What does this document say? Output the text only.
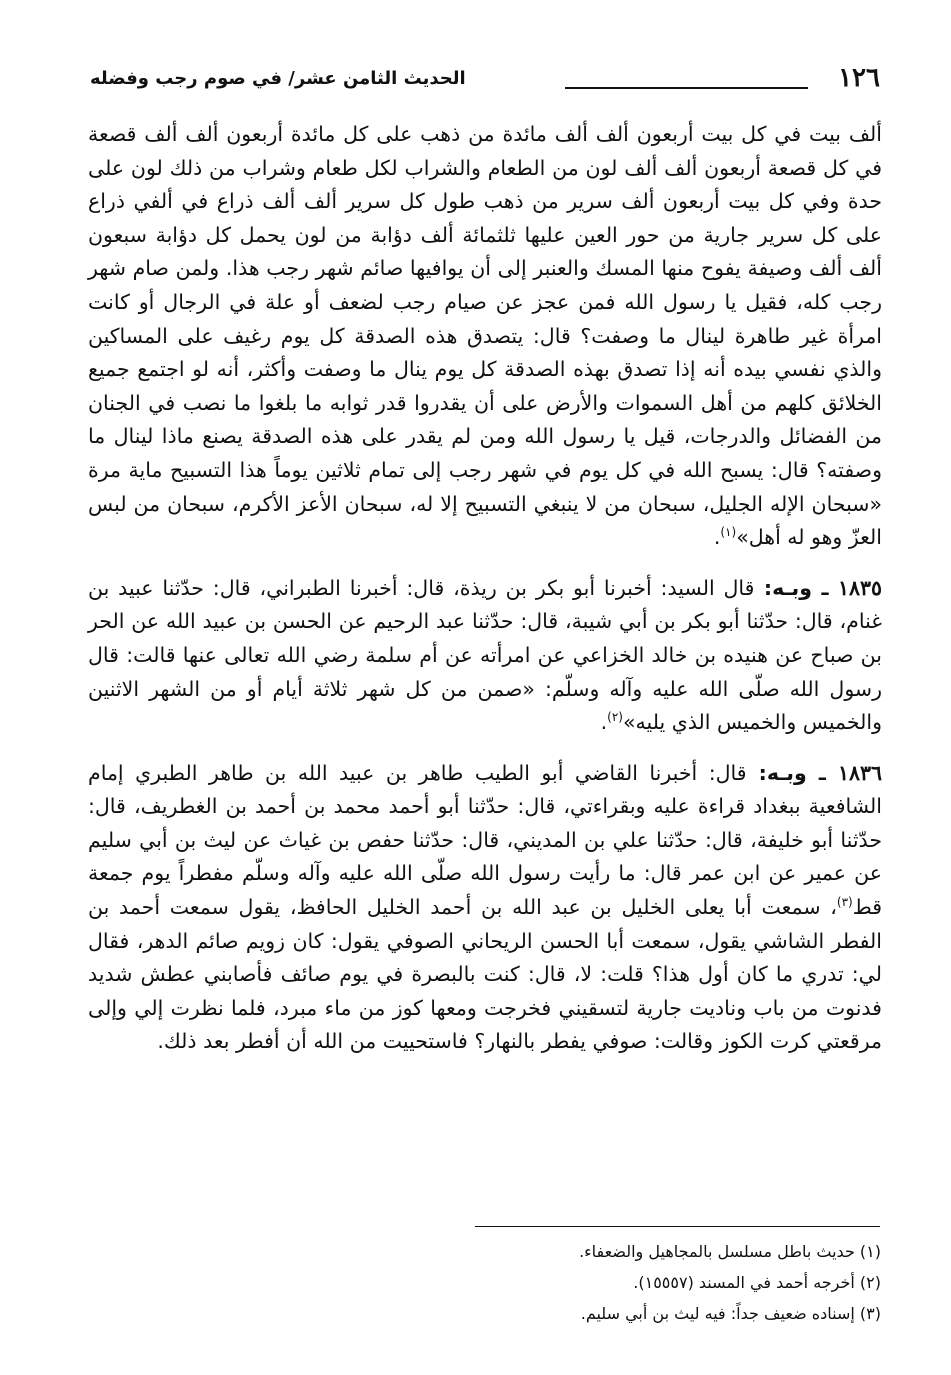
١٢٦
الحديث الثامن عشر/ في صوم رجب وفضله

ألف بيت في كل بيت أربعون ألف ألف مائدة من ذهب على كل مائدة أربعون ألف ألف قصعة في كل قصعة أربعون ألف ألف لون من الطعام والشراب لكل طعام وشراب من ذلك لون على حدة وفي كل بيت أربعون ألف سرير من ذهب طول كل سرير ألف ألف ذراع في ألفي ذراع على كل سرير جارية من حور العين عليها ثلثمائة ألف دؤابة من لون يحمل كل دؤابة سبعون ألف ألف وصيفة يفوح منها المسك والعنبر إلى أن يوافيها صائم شهر رجب هذا. ولمن صام شهر رجب كله، فقيل يا رسول الله فمن عجز عن صيام رجب لضعف أو علة في الرجال أو كانت امرأة غير طاهرة لينال ما وصفت؟ قال: يتصدق هذه الصدقة كل يوم رغيف على المساكين والذي نفسي بيده أنه إذا تصدق بهذه الصدقة كل يوم ينال ما وصفت وأكثر، أنه لو اجتمع جميع الخلائق كلهم من أهل السموات والأرض على أن يقدروا قدر ثوابه ما بلغوا ما نصب في الجنان من الفضائل والدرجات، قيل يا رسول الله ومن لم يقدر على هذه الصدقة يصنع ماذا لينال ما وصفته؟ قال: يسبح الله في كل يوم في شهر رجب إلى تمام ثلاثين يوماً هذا التسبيح ماية مرة «سبحان الإله الجليل، سبحان من لا ينبغي التسبيح إلا له، سبحان الأعز الأكرم، سبحان من لبس العزّ وهو له أهل»$^{(١)}$.

١٨٣٥ ـ وبـه: قال السيد: أخبرنا أبو بكر بن ريذة، قال: أخبرنا الطبراني، قال: حدّثنا عبيد بن غنام، قال: حدّثنا أبو بكر بن أبي شيبة، قال: حدّثنا عبد الرحيم عن الحسن بن عبيد الله عن الحر بن صباح عن هنيده بن خالد الخزاعي عن امرأته عن أم سلمة رضي الله تعالى عنها قالت: قال رسول الله صلّى الله عليه وآله وسلّم: «صمن من كل شهر ثلاثة أيام أو من الشهر الاثنين والخميس والخميس الذي يليه»$^{(٢)}$.

١٨٣٦ ـ وبـه: قال: أخبرنا القاضي أبو الطيب طاهر بن عبيد الله بن طاهر الطبري إمام الشافعية ببغداد قراءة عليه وبقراءتي، قال: حدّثنا أبو أحمد محمد بن أحمد بن الغطريف، قال: حدّثنا أبو خليفة، قال: حدّثنا علي بن المديني، قال: حدّثنا حفص بن غياث عن ليث بن أبي سليم عن عمير عن ابن عمر قال: ما رأيت رسول الله صلّى الله عليه وآله وسلّم مفطراً يوم جمعة قط$^{(٣)}$، سمعت أبا يعلى الخليل بن عبد الله بن أحمد الخليل الحافظ، يقول سمعت أحمد بن الفطر الشاشي يقول، سمعت أبا الحسن الريحاني الصوفي يقول: كان زويم صائم الدهر، فقال لي: تدري ما كان أول هذا؟ قلت: لا، قال: كنت بالبصرة في يوم صائف فأصابني عطش شديد فدنوت من باب وناديت جارية لتسقيني فخرجت ومعها كوز من ماء مبرد، فلما نظرت إلي وإلى مرقعتي كرت الكوز وقالت: صوفي يفطر بالنهار؟ فاستحييت من الله أن أفطر بعد ذلك.

(١) حديث باطل مسلسل بالمجاهيل والضعفاء.
(٢) أخرجه أحمد في المسند (١٥٥٥٧).
(٣) إسناده ضعيف جداً: فيه ليث بن أبي سليم.
